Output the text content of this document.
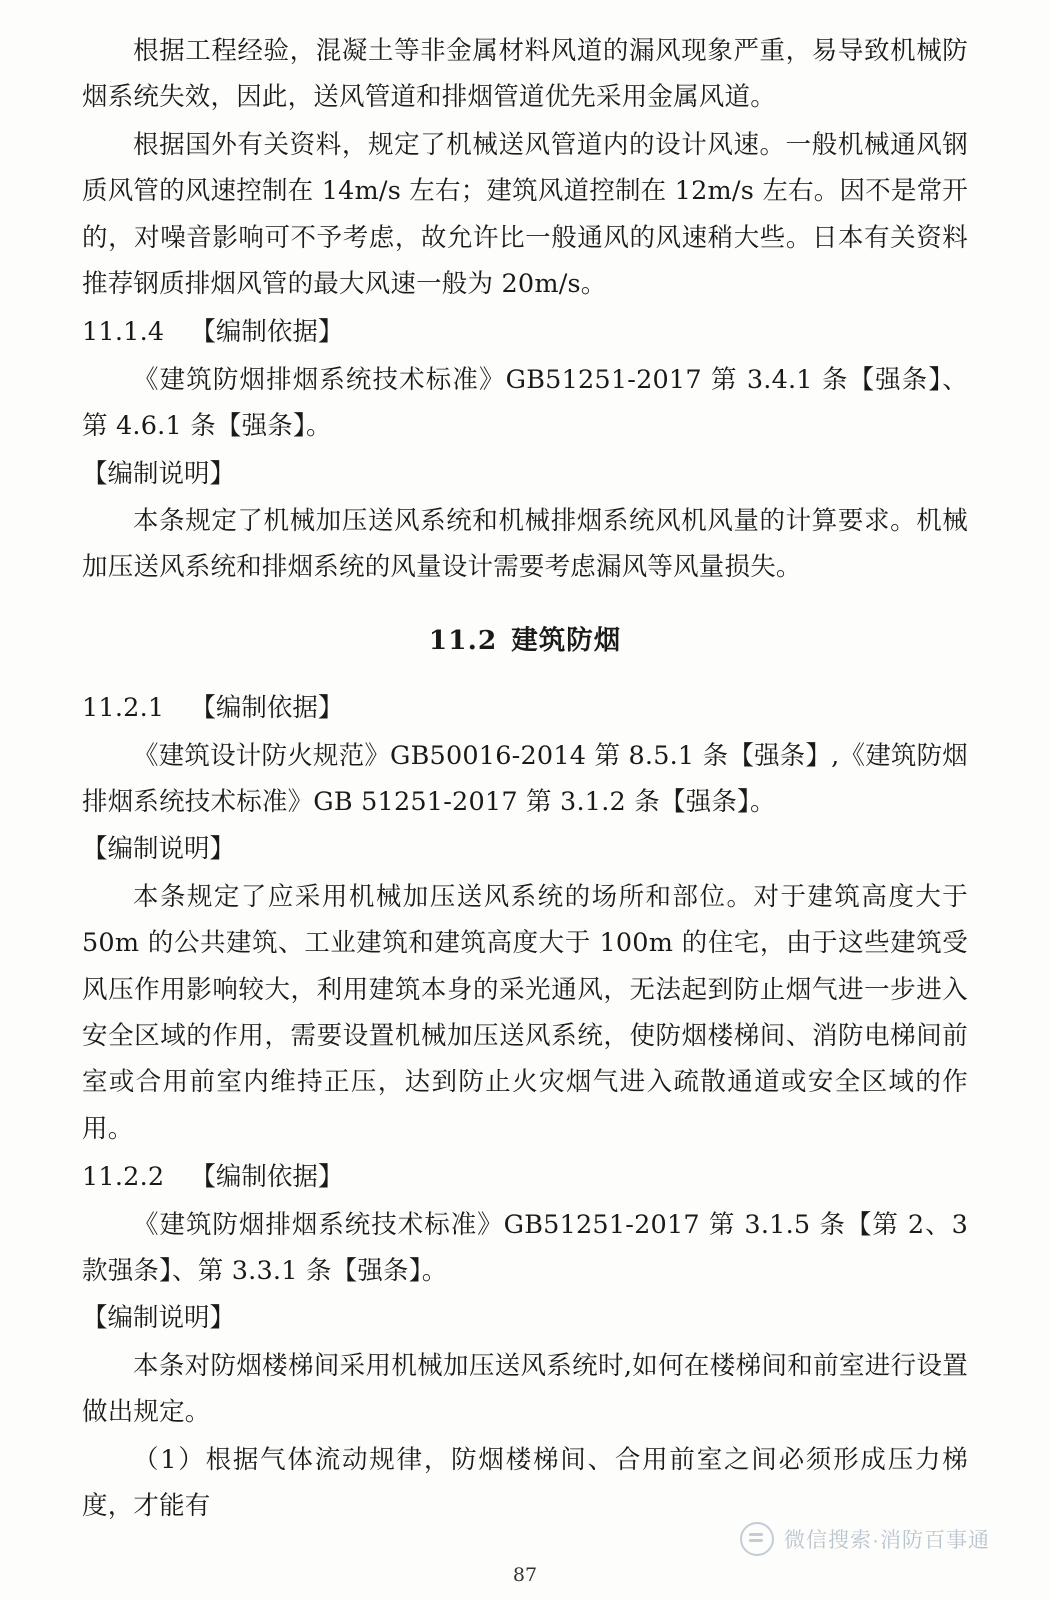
根据工程经验，混凝土等非金属材料风道的漏风现象严重，易导致机械防烟系统失效，因此，送风管道和排烟管道优先采用金属风道。

根据国外有关资料，规定了机械送风管道内的设计风速。一般机械通风钢质风管的风速控制在 14m/s 左右；建筑风道控制在 12m/s 左右。因不是常开的，对噪音影响可不予考虑，故允许比一般通风的风速稍大些。日本有关资料推荐钢质排烟风管的最大风速一般为 20m/s。

11.1.4 【编制依据】

《建筑防烟排烟系统技术标准》GB51251-2017 第 3.4.1 条【强条】、第 4.6.1 条【强条】。

【编制说明】

本条规定了机械加压送风系统和机械排烟系统风机风量的计算要求。机械加压送风系统和排烟系统的风量设计需要考虑漏风等风量损失。

11.2 建筑防烟

11.2.1 【编制依据】

《建筑设计防火规范》GB50016-2014 第 8.5.1 条【强条】,《建筑防烟排烟系统技术标准》GB 51251-2017 第 3.1.2 条【强条】。

【编制说明】

本条规定了应采用机械加压送风系统的场所和部位。对于建筑高度大于 50m 的公共建筑、工业建筑和建筑高度大于 100m 的住宅，由于这些建筑受风压作用影响较大，利用建筑本身的采光通风，无法起到防止烟气进一步进入安全区域的作用，需要设置机械加压送风系统，使防烟楼梯间、消防电梯间前室或合用前室内维持正压，达到防止火灾烟气进入疏散通道或安全区域的作用。

11.2.2 【编制依据】

《建筑防烟排烟系统技术标准》GB51251-2017 第 3.1.5 条【第 2、3 款强条】、第 3.3.1 条【强条】。

【编制说明】

本条对防烟楼梯间采用机械加压送风系统时,如何在楼梯间和前室进行设置做出规定。

（1）根据气体流动规律，防烟楼梯间、合用前室之间必须形成压力梯度，才能有

87
微信搜索·消防百事通
